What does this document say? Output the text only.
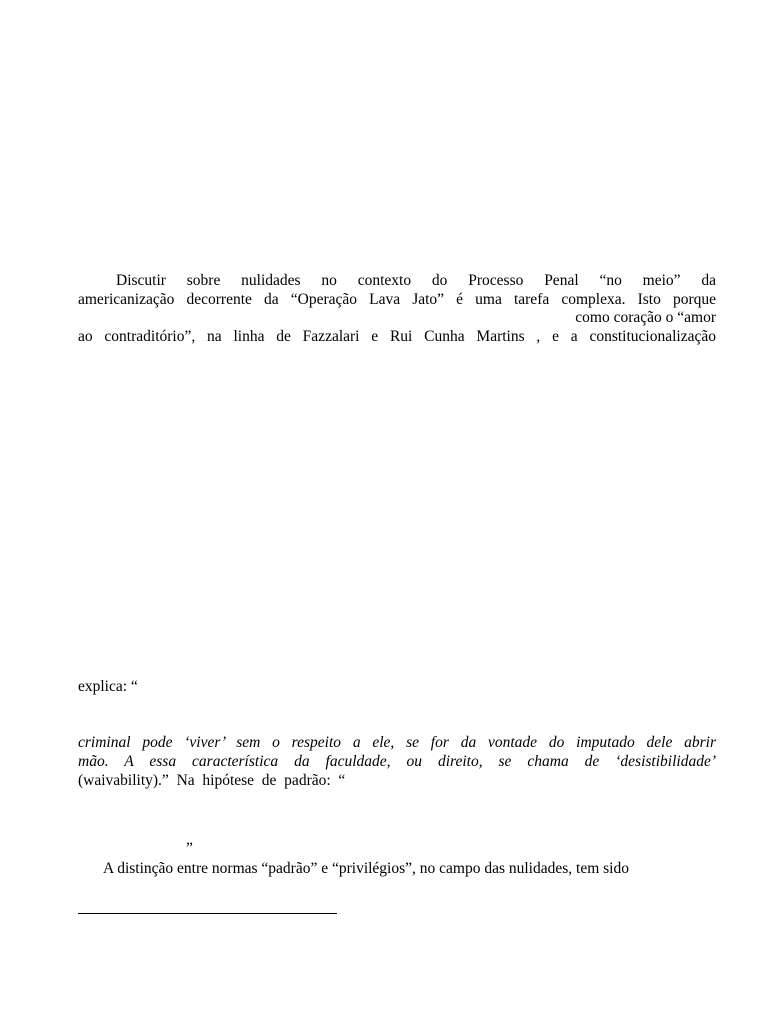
Discutir sobre nulidades no contexto do Processo Penal “no meio” da
americanização decorrente da “Operação Lava Jato” é uma tarefa complexa. Isto porque
como coração o “amor
ao contraditório”, na linha de Fazzalari e Rui Cunha Martins , e a constitucionalização
explica: “
criminal pode ‘viver’ sem o respeito a ele, se for da vontade do imputado dele abrir
mão. A essa característica da faculdade, ou direito, se chama de ‘desistibilidade’
(waivability).”  Na  hipótese  de  padrão:  “
”
A distinção entre normas “padrão” e “privilégios”, no campo das nulidades, tem sido
